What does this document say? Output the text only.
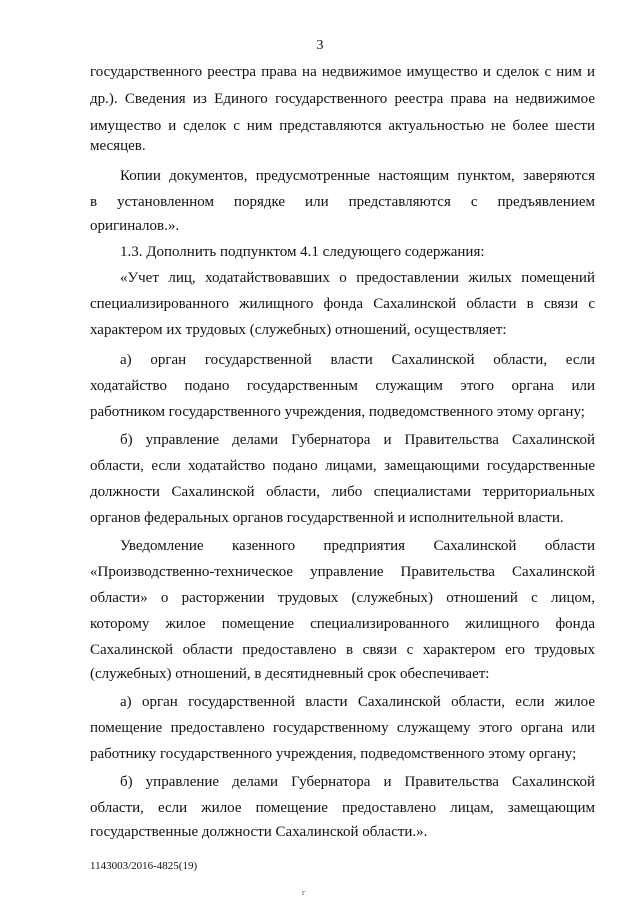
3
государственного реестра права на недвижимое имущество и сделок с ним и
др.). Сведения из Единого государственного реестра права на недвижимое
имущество и сделок с ним представляются актуальностью не более шести
месяцев.
Копии документов, предусмотренные настоящим пунктом, заверяются
в установленном порядке или представляются с предъявлением
оригиналов.».
1.3. Дополнить подпунктом 4.1 следующего содержания:
«Учет лиц, ходатайствовавших о предоставлении жилых помещений
специализированного жилищного фонда Сахалинской области в связи с
характером их трудовых (служебных) отношений, осуществляет:
а) орган государственной власти Сахалинской области, если
ходатайство подано государственным служащим этого органа или
работником государственного учреждения, подведомственного этому органу;
б) управление делами Губернатора и Правительства Сахалинской
области, если ходатайство подано лицами, замещающими государственные
должности Сахалинской области, либо специалистами территориальных
органов федеральных органов государственной и исполнительной власти.
Уведомление казенного предприятия Сахалинской области
«Производственно-техническое управление Правительства Сахалинской
области» о расторжении трудовых (служебных) отношений с лицом,
которому жилое помещение специализированного жилищного фонда
Сахалинской области предоставлено в связи с характером его трудовых
(служебных) отношений, в десятидневный срок обеспечивает:
а) орган государственной власти Сахалинской области, если жилое
помещение предоставлено государственному служащему этого органа или
работнику государственного учреждения, подведомственного этому органу;
б) управление делами Губернатора и Правительства Сахалинской
области, если жилое помещение предоставлено лицам, замещающим
государственные должности Сахалинской области.».
1143003/2016-4825(19)
г
